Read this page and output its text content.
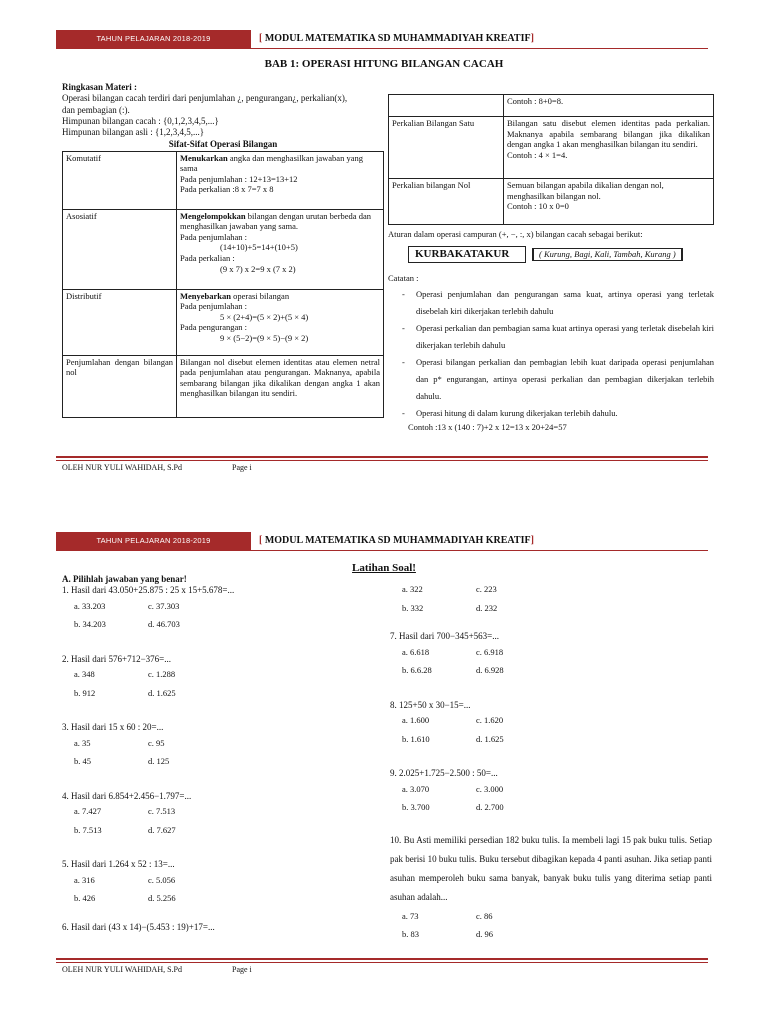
TAHUN PELAJARAN 2018-2019	[ MODUL MATEMATIKA SD MUHAMMADIYAH KREATIF]
BAB 1: OPERASI HITUNG BILANGAN CACAH

Ringkasan Materi :

Operasi bilangan cacah terdiri dari penjumlahan ¿, pengurangan¿, perkalian(x),

dan pembagian (:).

Himpunan bilangan cacah : {0,1,2,3,4,5,...}

Himpunan bilangan asli : {1,2,3,4,5,...}

Sifat-Sifat Operasi Bilangan

Komutatif	Menukarkan angka dan menghasilkan jawaban yang sama
Pada penjumlahan : 12+13=13+12
Pada perkalian :8 x 7=7 x 8
Asosiatif	Mengelompokkan bilangan dengan urutan berbeda dan menghasilkan jawaban yang sama.
Pada penjumlahan :
(14+10)+5=14+(10+5)
Pada perkalian :
(9 x 7) x 2=9 x (7 x 2)
Distributif	Menyebarkan operasi bilangan
Pada penjumlahan :
5 × (2+4)=(5 × 2)+(5 × 4)
Pada pengurangan :
9 × (5−2)=(9 × 5)−(9 × 2)
Penjumlahan dengan bilangan nol	Bilangan nol disebut elemen identitas atau elemen netral pada penjumlahan atau pengurangan. Maknanya, apabila sembarang bilangan jika dikalikan dengan angka 1 akan menghasilkan bilangan itu sendiri.
	Contoh : 8+0=8.
Perkalian Bilangan Satu	Bilangan satu disebut elemen identitas pada perkalian. Maknanya apabila sembarang bilangan jika dikalikan dengan angka 1 akan menghasilkan bilangan itu sendiri.
Contoh : 4 × 1=4.
Perkalian bilangan Nol	Semuan bilangan apabila dikalian dengan nol, menghasilkan bilangan nol.
Contoh : 10 x 0=0

Aturan dalam operasi campuran (+, −, :, x) bilangan cacah sebagai berikut:

KURBAKATAKUR	( Kurung, Bagi, Kali, Tambah, Kurang )

Catatan :

- Operasi penjumlahan dan pengurangan sama kuat, artinya operasi yang terletak disebelah kiri dikerjakan terlebih dahulu
- Operasi perkalian dan pembagian sama kuat artinya operasi yang terletak disebelah kiri dikerjakan terlebih dahulu
- Operasi bilangan perkalian dan pembagian lebih kuat daripada operasi penjumlahan dan p* engurangan, artinya operasi perkalian dan pembagian dikerjakan terlebih dahulu.
- Operasi hitung di dalam kurung dikerjakan terlebih dahulu.

Contoh :13 x (140 : 7)+2 x 12=13 x 20+24=57

OLEH NUR YULI WAHIDAH, S.Pd	Page i
TAHUN PELAJARAN 2018-2019	[ MODUL MATEMATIKA SD MUHAMMADIYAH KREATIF]
Latihan Soal!

A. Pilihlah jawaban yang benar!

1. Hasil dari 43.050+25.875 : 25 x 15+5.678=...

a. 33.203	c. 37.303
b. 34.203	d. 46.703

2. Hasil dari 576+712−376=...

a. 348	c. 1.288
b. 912	d. 1.625

3. Hasil dari 15 x 60 : 20=...

a. 35	c. 95
b. 45	d. 125

4. Hasil dari 6.854+2.456−1.797=...

a. 7.427	c. 7.513
b. 7.513	d. 7.627

5. Hasil dari 1.264 x 52 : 13=...

a. 316	c. 5.056
b. 426	d. 5.256

6. Hasil dari (43 x 14)−(5.453 : 19)+17=...

a. 322	c. 223
b. 332	d. 232

7. Hasil dari 700−345+563=...

a. 6.618	c. 6.918
b. 6.6.28	d. 6.928

8. 125+50 x 30−15=...

a. 1.600	c. 1.620
b. 1.610	d. 1.625

9. 2.025+1.725−2.500 : 50=...

a. 3.070	c. 3.000
b. 3.700	d. 2.700

10. Bu Asti memiliki persedian 182 buku tulis. Ia membeli lagi 15 pak buku tulis. Setiap pak berisi 10 buku tulis. Buku tersebut dibagikan kepada 4 panti asuhan. Jika setiap panti asuhan memperoleh buku sama banyak, banyak buku tulis yang diterima setiap panti asuhan adalah...

a. 73	c. 86
b. 83	d. 96
OLEH NUR YULI WAHIDAH, S.Pd	Page i
